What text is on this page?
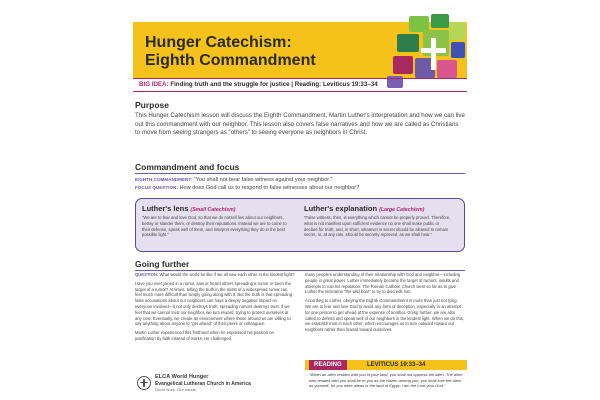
Hunger Catechism:
Eighth Commandment
BIG IDEA: Finding truth and the struggle for justice | Reading: Leviticus 19:33–34
Purpose

This Hunger Catechism lesson will discuss the Eighth Commandment, Martin Luther's interpretation and how we can live out this commandment with our neighbor. This lesson also covers false narratives and how we are called as Christians to move from seeing strangers as “others” to seeing everyone as neighbors in Christ.

Commandment and focus
EIGHTH COMMANDMENT: “You shall not bear false witness against your neighbor.”
FOCUS QUESTION: How does God call us to respond to false witnesses about our neighbor?
Luther's lens (Small Catechism)

“We are to fear and love God, so that we do not tell lies about our neighbors, betray or slander them, or destroy their reputations. Instead we are to come to their defense, speak well of them, and interpret everything they do in the best possible light.”

Luther's explanation (Large Catechism)

“False witness, then, is everything which cannot be properly proved. Therefore, what is not manifest upon sufficient evidence no one shall make public or declare for truth; and, in short, whatever is secret should be allowed to remain secret, or, at any rate, should be secretly reproved, as we shall hear.”

Going further

QUESTION: What would the world be like if we all saw each other in the kindest light?

Have you ever joined in a rumor, saw or heard others spreading a rumor or been the target of a rumor? At times, telling the truth in the midst of a widespread rumor can feel much more difficult than simply going along with it. But the truth is that spreading false accusations about our neighbors can have a deeply negative impact on everyone involved—it not only destroys truth; spreading rumors destroys trust. If we feel that we cannot trust our neighbor, we turn inward, trying to protect ourselves at any cost. Eventually, we create an environment where those around us are willing to say anything about anyone to “get ahead” of their peers or colleagues.

Martin Luther experienced this firsthand when he expressed his position on justification by faith instead of works. He challenged

many people's understanding of their relationship with God and neighbor—including people in great power. Luther immediately became the target of rumors, insults and attempts to ruin his reputation. The Roman Catholic Church went so far as to give Luther the nickname “the wild boar” to try to discredit him.

According to Luther, obeying the Eighth Commandment is more than just not lying. We are to fear and love God to avoid any form of deception, especially in an attempt for one person to get ahead at the expense of another. Going further, we are also called to defend and speak well of our neighbors in the kindest light. When we do this, we establish trust in each other, which encourages us to turn outward toward our neighbors rather than inward toward ourselves.

READING	LEVITICUS 19:33–34

“When an alien resides with you in your land, you shall not oppress the alien. The alien who resides with you shall be to you as the citizen among you; you shall love the alien as yourself, for you were aliens in the land of Egypt: I am the Lord your God.”

ELCA World Hunger
Evangelical Lutheran Church in America
God's work. Our hands.
